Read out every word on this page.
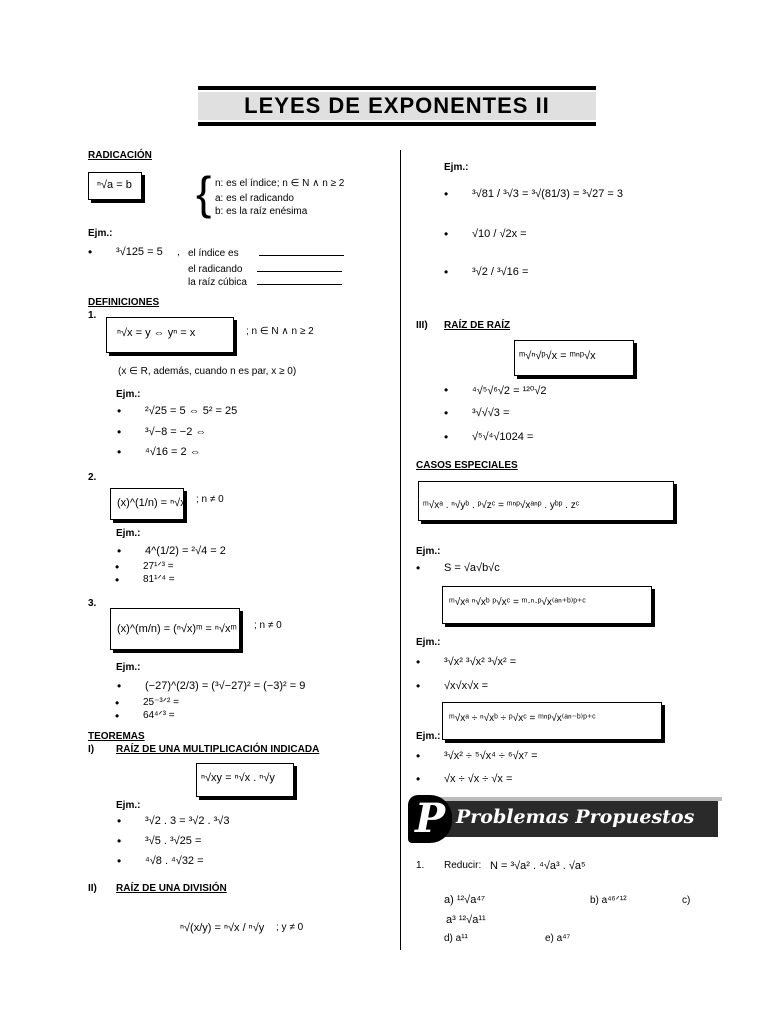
LEYES DE EXPONENTES II
RADICACIÓN
ⁿ√a = b { n: es el índice; n ∈ N ∧ n ≥ 2
a: es el radicando
b: es la raíz enésima
Ejm.:
• ³√125 = 5 , el índice es
el radicando
la raíz cúbica
DEFINICIONES
1.
ⁿ√x = y ⇔ yⁿ = x	; n ∈ N ∧ n ≥ 2
(x ∈ R, además, cuando n es par, x ≥ 0)
Ejm.:
• ²√25 = 5 ⇔ 5² = 25
• ³√−8 = −2 ⇔
• ⁴√16 = 2 ⇔
2.
(x)^(1/n) = ⁿ√x ; n ≠ 0
Ejm.:
• 4^(1/2) = ²√4 = 2
• 27¹ᐟ³ =
• 81¹ᐟ⁴ =
3.
(x)^(m/n) = (ⁿ√x)ᵐ = ⁿ√xᵐ ; n ≠ 0
Ejm.:
• (−27)^(2/3) = (³√−27)² = (−3)² = 9
• 25⁻³ᐟ² =
• 64⁴ᐟ³ =
TEOREMAS
I) RAÍZ DE UNA MULTIPLICACIÓN INDICADA
ⁿ√xy = ⁿ√x . ⁿ√y
Ejm.:
• ³√2 . 3 = ³√2 . ³√3
• ³√5 . ³√25 =
• ⁴√8 . ⁴√32 =
II) RAÍZ DE UNA DIVISIÓN
ⁿ√(x/y) = ⁿ√x / ⁿ√y ; y ≠ 0
Ejm.:
• ³√81 / ³√3 = ³√(81/3) = ³√27 = 3
• √10 / √2x =
• ³√2 / ³√16 =
III) RAÍZ DE RAÍZ
ᵐ√ⁿ√ᵖ√x = ᵐⁿᵖ√x
• ⁴√⁵√⁶√2 = ¹²⁰√2
• ³√√√3 =
• √⁵√⁴√1024 =
CASOS ESPECIALES
ᵐ√xᵃ . ⁿ√yᵇ . ᵖ√zᶜ = ᵐⁿᵖ√xᵃⁿᵖ . yᵇᵖ . zᶜ
Ejm.:
• S = √a√b√c
ᵐ√xᵃ ⁿ√xᵇ ᵖ√xᶜ = ᵐ·ⁿ·ᵖ√x⁽ᵃⁿ⁺ᵇ⁾ᵖ⁺ᶜ
Ejm.:
• ³√x² ³√x² ³√x² =
• √x√x√x =
ᵐ√xᵃ ÷ ⁿ√xᵇ ÷ ᵖ√xᶜ = ᵐⁿᵖ√x⁽ᵃⁿ⁻ᵇ⁾ᵖ⁺ᶜ
Ejm.:
• ³√x² ÷ ⁵√x⁴ ÷ ⁶√x⁷ =
• √x ÷ √x ÷ √x =
P Problemas Propuestos
1. Reducir: N = ³√a² . ⁴√a³ . √a⁵
a) ¹²√a⁴⁷	b) a⁴⁶ᐟ¹²	c)
a³ ¹²√a¹¹
d) a¹¹	e) a⁴⁷
